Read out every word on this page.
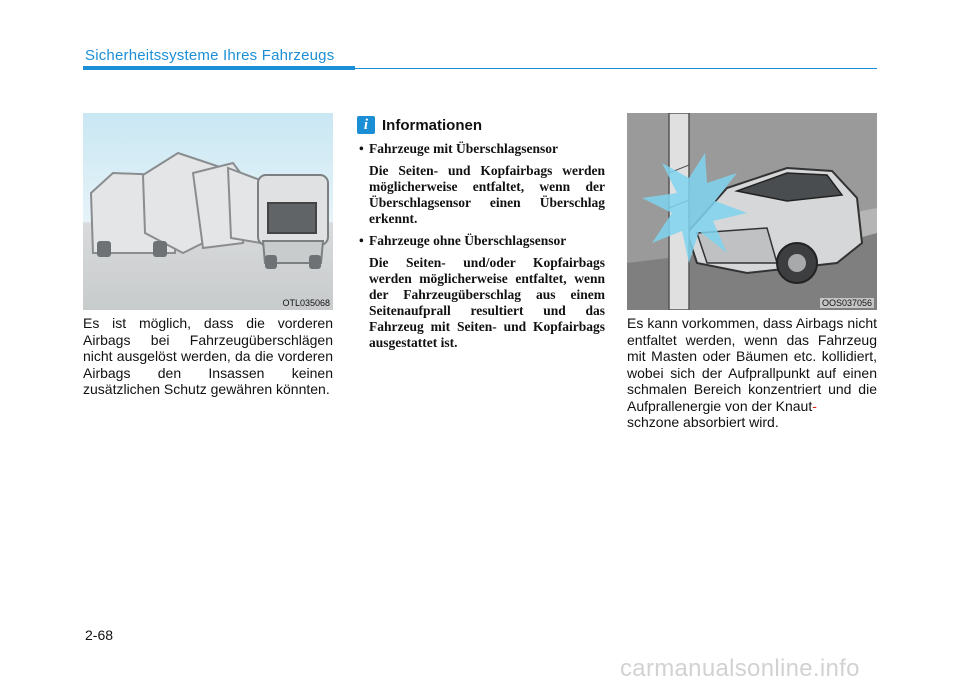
Sicherheitssysteme Ihres Fahrzeugs
OTL035068
Es ist möglich, dass die vorderen Airbags bei Fahrzeugüberschlägen nicht ausgelöst werden, da die vorderen Airbags den Insassen keinen zusätzlichen Schutz gewähren könnten.
i Informationen
• Fahrzeuge mit Überschlagsensor
Die Seiten- und Kopfairbags werden möglicherweise entfaltet, wenn der Überschlagsensor einen Überschlag erkennt.
• Fahrzeuge ohne Überschlagsensor
Die Seiten- und/oder Kopfairbags werden möglicherweise entfaltet, wenn der Fahrzeugüberschlag aus einem Seitenaufprall resultiert und das Fahrzeug mit Seiten- und Kopfairbags ausgestattet ist.
OOS037056
Es kann vorkommen, dass Airbags nicht entfaltet werden, wenn das Fahrzeug mit Masten oder Bäumen etc. kollidiert, wobei sich der Aufprallpunkt auf einen schmalen Bereich konzentriert und die Aufprallenergie von der Knaut-
schzone absorbiert wird.
2-68
carmanualsonline.info
